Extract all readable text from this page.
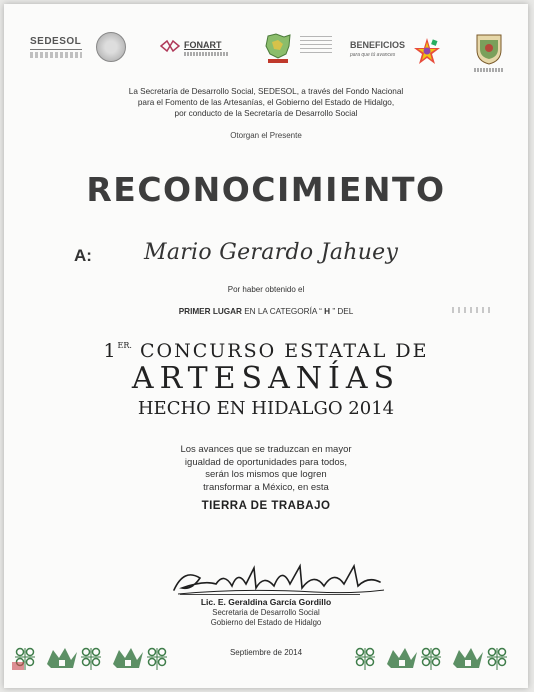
SEDESOL	FONART	BENEFICIOS
para que tú avances
La Secretaría de Desarrollo Social, SEDESOL, a través del Fondo Nacional
para el Fomento de las Artesanías, el Gobierno del Estado de Hidalgo,
por conducto de la Secretaría de Desarrollo Social
Otorgan el Presente
RECONOCIMIENTO
A: Mario Gerardo Jahuey
Por haber obtenido el
PRIMER LUGAR EN LA CATEGORÍA “ H ” DEL
$1^{ER.}$ CONCURSO ESTATAL DE
ARTESANÍAS
HECHO EN HIDALGO 2014
Los avances que se traduzcan en mayor
igualdad de oportunidades para todos,
serán los mismos que logren
transformar a México, en esta
TIERRA DE TRABAJO
Lic. E. Geraldina García Gordillo
Secretaria de Desarrollo Social
Gobierno del Estado de Hidalgo
Septiembre de 2014
